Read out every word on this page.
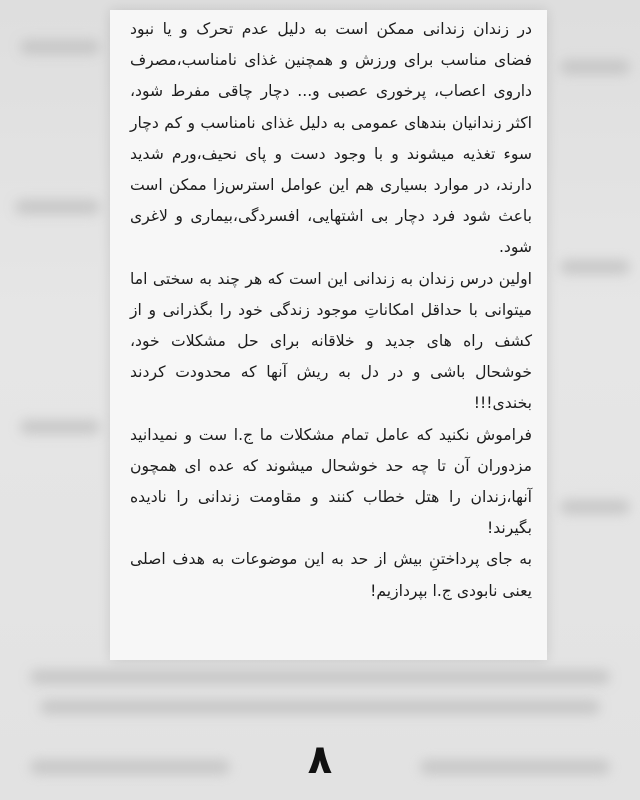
در زندان زندانی ممکن است به دلیل عدم تحرک و یا نبود فضای مناسب برای ورزش و همچنین غذای نامناسب،مصرف داروی اعصاب، پرخوری عصبی و... دچار چاقی مفرط شود، اکثر زندانیان بندهای عمومی به دلیل غذای نامناسب و کم دچار سوء تغذیه میشوند و با وجود دست و پای نحیف،ورم شدید دارند، در موارد بسیاری هم این عوامل استرس‌زا ممکن است باعث شود فرد دچار بی اشتهایی، افسردگی،بیماری و لاغری شود.

اولین درس زندان به زندانی این است که هر چند به سختی اما میتوانی با حداقل امکاناتِ موجود زندگی خود را بگذرانی و از کشف راه های جدید و خلاقانه برای حل مشکلات خود، خوشحال باشی و در دل به ریش آنها که محدودت کردند بخندی!!!

فراموش نکنید که عامل تمام مشکلات ما ج.ا ست و نمیدانید مزدوران آن تا چه حد خوشحال میشوند که عده ای همچون آنها،زندان را هتل خطاب کنند و مقاومت زندانی را نادیده بگیرند!

به جای پرداختنِ بیش از حد به این موضوعات به هدف اصلی یعنی نابودی ج.ا بپردازیم!

۸
